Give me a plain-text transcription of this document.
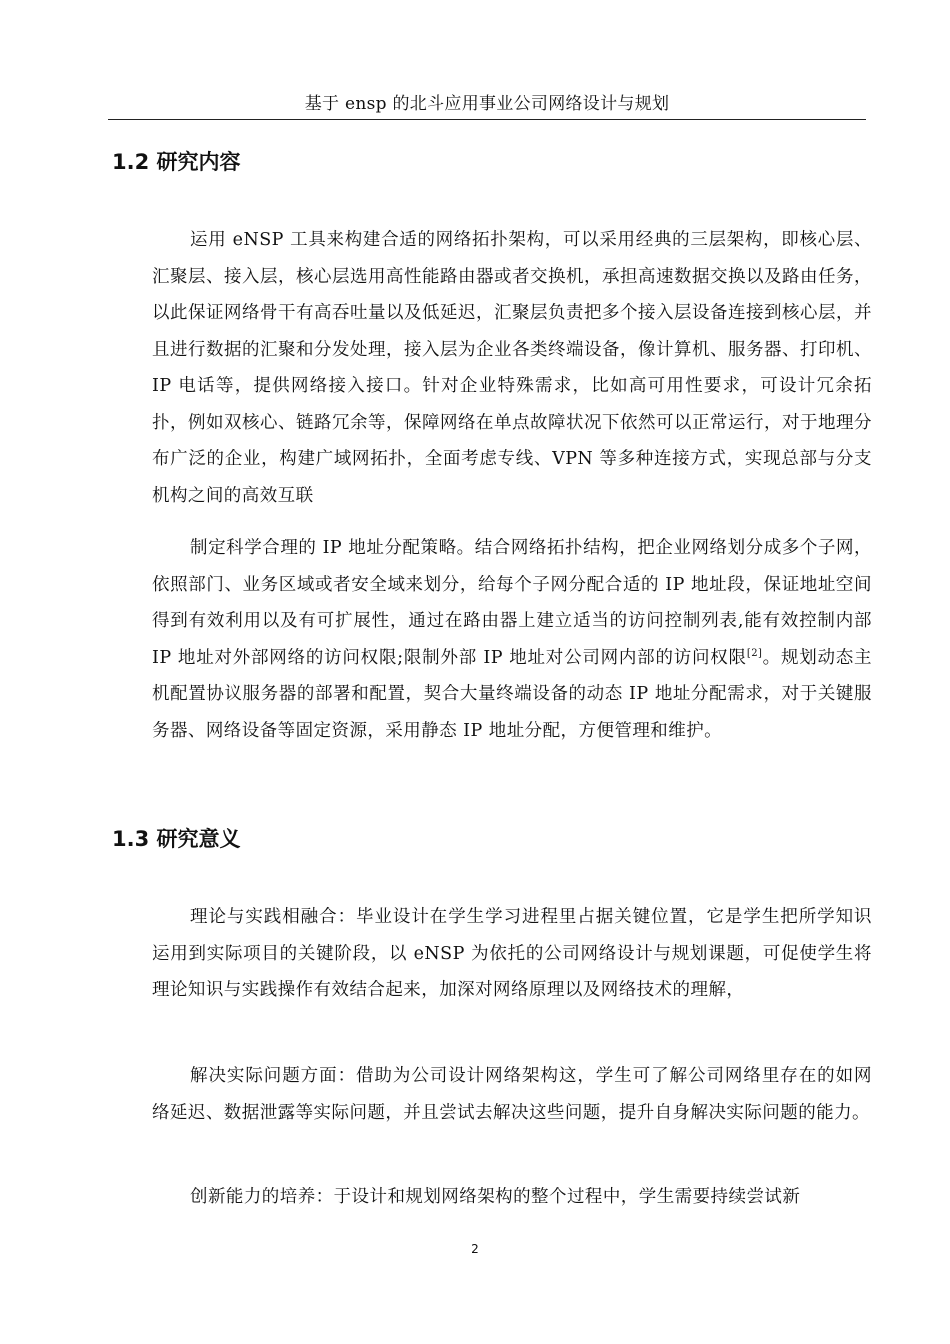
基于 ensp 的北斗应用事业公司网络设计与规划
1.2 研究内容

运用 eNSP 工具来构建合适的网络拓扑架构，可以采用经典的三层架构，即核心层、汇聚层、接入层，核心层选用高性能路由器或者交换机，承担高速数据交换以及路由任务，以此保证网络骨干有高吞吐量以及低延迟，汇聚层负责把多个接入层设备连接到核心层，并且进行数据的汇聚和分发处理，接入层为企业各类终端设备，像计算机、服务器、打印机、IP 电话等，提供网络接入接口。针对企业特殊需求，比如高可用性要求，可设计冗余拓扑，例如双核心、链路冗余等，保障网络在单点故障状况下依然可以正常运行，对于地理分布广泛的企业，构建广域网拓扑，全面考虑专线、VPN 等多种连接方式，实现总部与分支机构之间的高效互联

制定科学合理的 IP 地址分配策略。结合网络拓扑结构，把企业网络划分成多个子网，依照部门、业务区域或者安全域来划分，给每个子网分配合适的 IP 地址段，保证地址空间得到有效利用以及有可扩展性，通过在路由器上建立适当的访问控制列表,能有效控制内部 IP 地址对外部网络的访问权限;限制外部 IP 地址对公司网内部的访问权限[2]。规划动态主机配置协议服务器的部署和配置，契合大量终端设备的动态 IP 地址分配需求，对于关键服务器、网络设备等固定资源，采用静态 IP 地址分配，方便管理和维护。

1.3 研究意义

理论与实践相融合：毕业设计在学生学习进程里占据关键位置，它是学生把所学知识运用到实际项目的关键阶段，以 eNSP 为依托的公司网络设计与规划课题，可促使学生将理论知识与实践操作有效结合起来，加深对网络原理以及网络技术的理解，

解决实际问题方面：借助为公司设计网络架构这，学生可了解公司网络里存在的如网络延迟、数据泄露等实际问题，并且尝试去解决这些问题，提升自身解决实际问题的能力。

创新能力的培养：于设计和规划网络架构的整个过程中，学生需要持续尝试新

2
